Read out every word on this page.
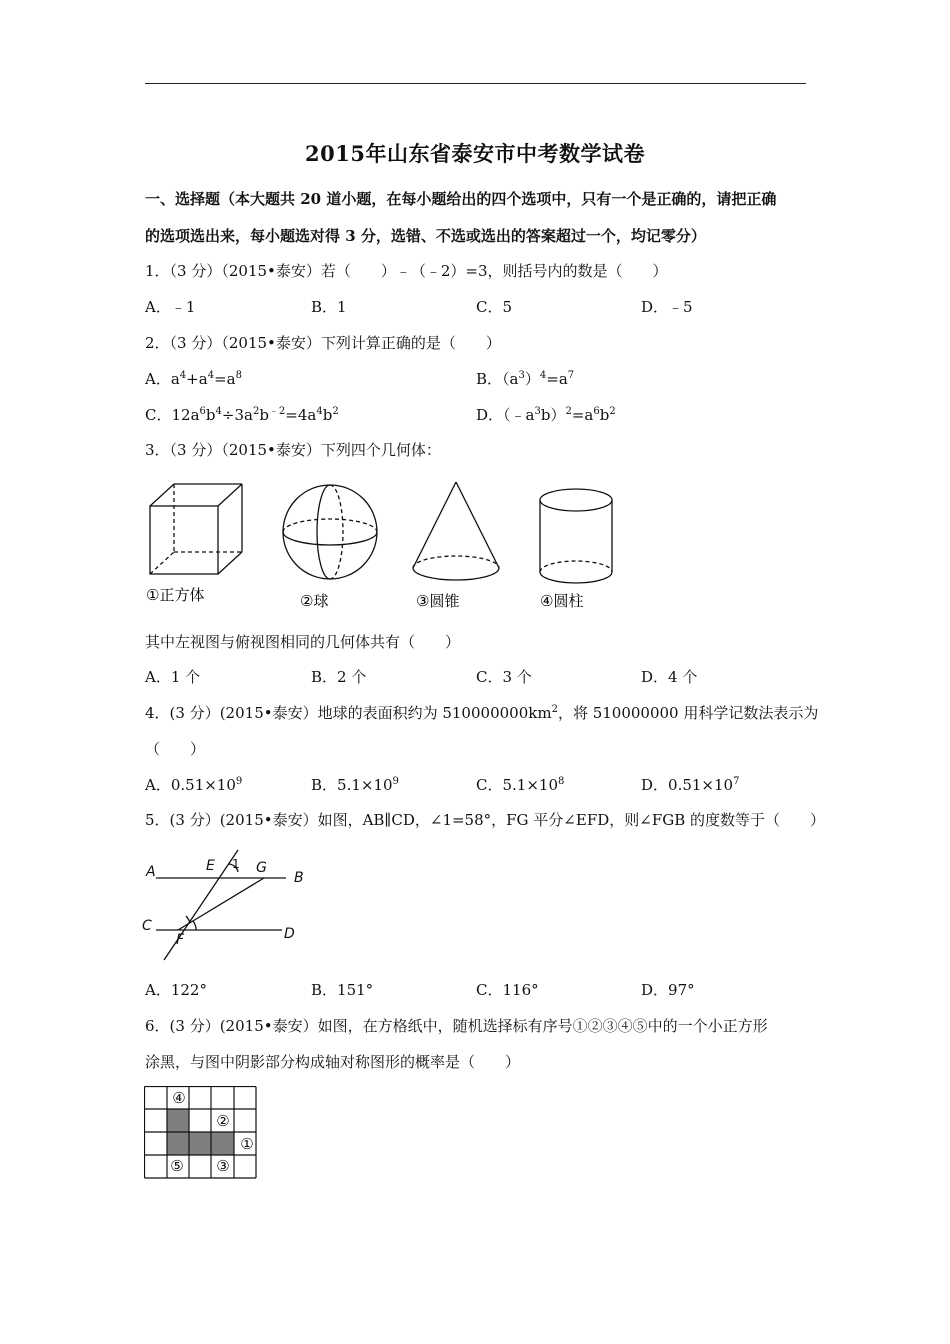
2015年山东省泰安市中考数学试卷
一、选择题（本大题共 20 道小题，在每小题给出的四个选项中，只有一个是正确的，请把正确
的选项选出来，每小题选对得 3 分，选错、不选或选出的答案超过一个，均记零分）
1．（3 分）（2015•泰安）若（　　）﹣（﹣2）=3，则括号内的数是（　　）
A．﹣1	B．1	C．5	D．﹣5
2．（3 分）（2015•泰安）下列计算正确的是（　　）
A．$a^4+a^4=a^8$	B．$(a^3)^4=a^7$
C．$12a^6b^4\div 3a^2b^{﹣2}=4a^4b^2$	D．$(﹣a^3b)^2=a^6b^2$
3．（3 分）（2015•泰安）下列四个几何体：
①正方体	②球	③圆锥	④圆柱
其中左视图与俯视图相同的几何体共有（　　）
A．1 个	B．2 个	C．3 个	D．4 个
4．(3 分）(2015•泰安）地球的表面积约为 $510000000km^2$，将 510000000 用科学记数法表示为
（　　）
A．$0.51\times 10^9$	B．$5.1\times 10^9$	C．$5.1\times 10^8$	D．$0.51\times 10^7$
5．(3 分）(2015•泰安）如图，AB∥CD，∠1=58°，FG 平分∠EFD，则∠FGB 的度数等于（　　）
A	B
C	D
E
F
G
1
A．122°	B．151°	C．116°	D．97°
6．(3 分）(2015•泰安）如图，在方格纸中，随机选择标有序号①②③④⑤中的一个小正方形
涂黑，与图中阴影部分构成轴对称图形的概率是（　　）
④
②
①
⑤ ③
